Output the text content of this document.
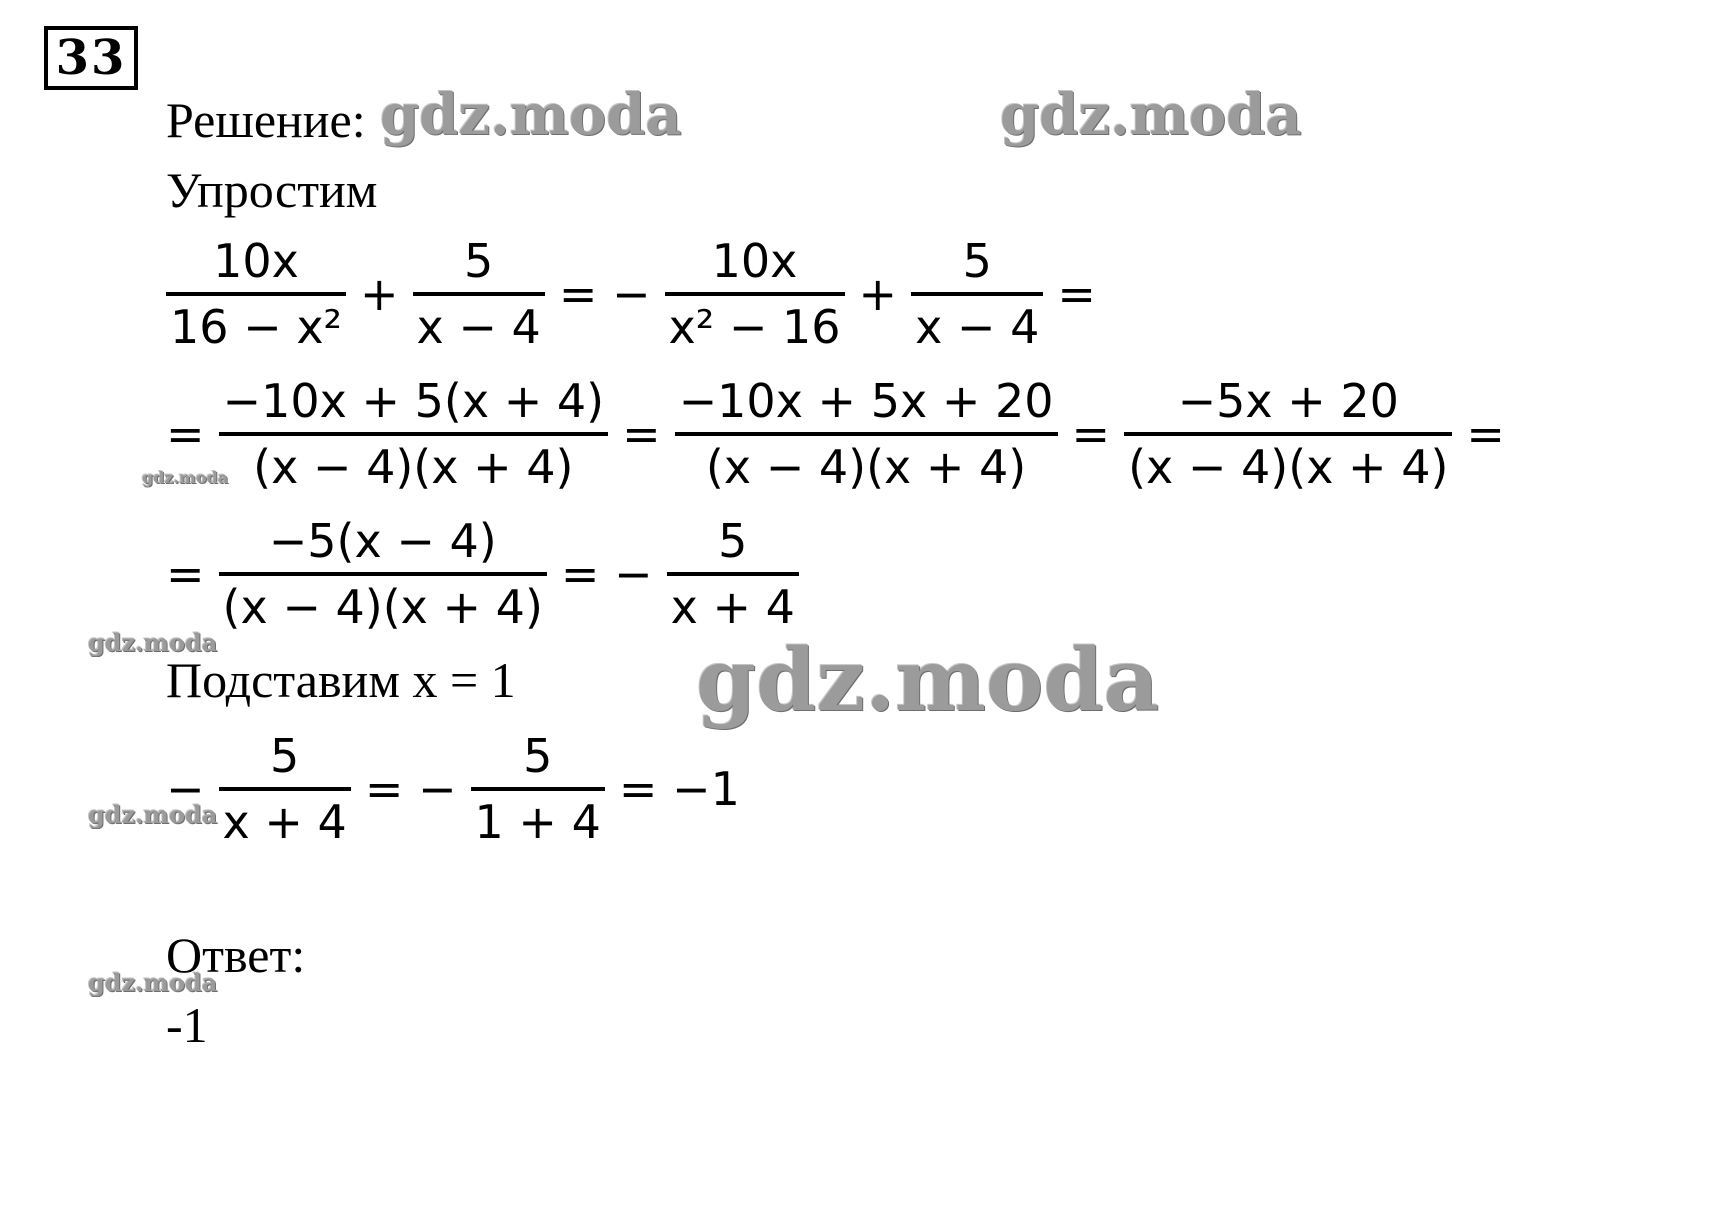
33
Решение:
Упростим
$\frac{10x}{\text{16 − x²}} + \frac{5}{x - 4}$ = − $\frac{10x}{\text{x² − 16}} + \frac{5}{x - 4}$ =
= $\frac{-10x + 5(x + 4)}{(x - 4)(x + 4)} = \frac{-10x + 5x + 20}{(x - 4)(x + 4)} = \frac{-5x + 20}{(x - 4)(x + 4)}$ =
= $\frac{-5(x - 4)}{(x - 4)(x + 4)}$ = − $\frac{5}{x + 4}$
Подставим x = 1
− $\frac{5}{x + 4}$ = − $\frac{5}{1 + 4} = -1$
Ответ:
-1
gdz.moda	gdz.moda
gdz.moda
gdz.moda	gdz.moda
gdz.moda
gdz.moda
